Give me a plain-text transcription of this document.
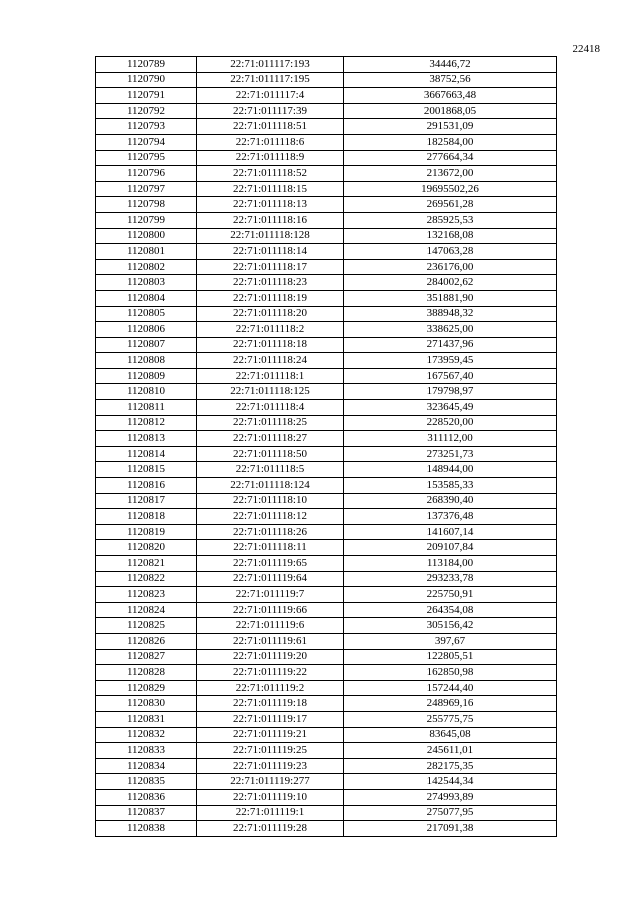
22418
1120789	22:71:011117:193	34446,72
1120790	22:71:011117:195	38752,56
1120791	22:71:011117:4	3667663,48
1120792	22:71:011117:39	2001868,05
1120793	22:71:011118:51	291531,09
1120794	22:71:011118:6	182584,00
1120795	22:71:011118:9	277664,34
1120796	22:71:011118:52	213672,00
1120797	22:71:011118:15	19695502,26
1120798	22:71:011118:13	269561,28
1120799	22:71:011118:16	285925,53
1120800	22:71:011118:128	132168,08
1120801	22:71:011118:14	147063,28
1120802	22:71:011118:17	236176,00
1120803	22:71:011118:23	284002,62
1120804	22:71:011118:19	351881,90
1120805	22:71:011118:20	388948,32
1120806	22:71:011118:2	338625,00
1120807	22:71:011118:18	271437,96
1120808	22:71:011118:24	173959,45
1120809	22:71:011118:1	167567,40
1120810	22:71:011118:125	179798,97
1120811	22:71:011118:4	323645,49
1120812	22:71:011118:25	228520,00
1120813	22:71:011118:27	311112,00
1120814	22:71:011118:50	273251,73
1120815	22:71:011118:5	148944,00
1120816	22:71:011118:124	153585,33
1120817	22:71:011118:10	268390,40
1120818	22:71:011118:12	137376,48
1120819	22:71:011118:26	141607,14
1120820	22:71:011118:11	209107,84
1120821	22:71:011119:65	113184,00
1120822	22:71:011119:64	293233,78
1120823	22:71:011119:7	225750,91
1120824	22:71:011119:66	264354,08
1120825	22:71:011119:6	305156,42
1120826	22:71:011119:61	397,67
1120827	22:71:011119:20	122805,51
1120828	22:71:011119:22	162850,98
1120829	22:71:011119:2	157244,40
1120830	22:71:011119:18	248969,16
1120831	22:71:011119:17	255775,75
1120832	22:71:011119:21	83645,08
1120833	22:71:011119:25	245611,01
1120834	22:71:011119:23	282175,35
1120835	22:71:011119:277	142544,34
1120836	22:71:011119:10	274993,89
1120837	22:71:011119:1	275077,95
1120838	22:71:011119:28	217091,38
